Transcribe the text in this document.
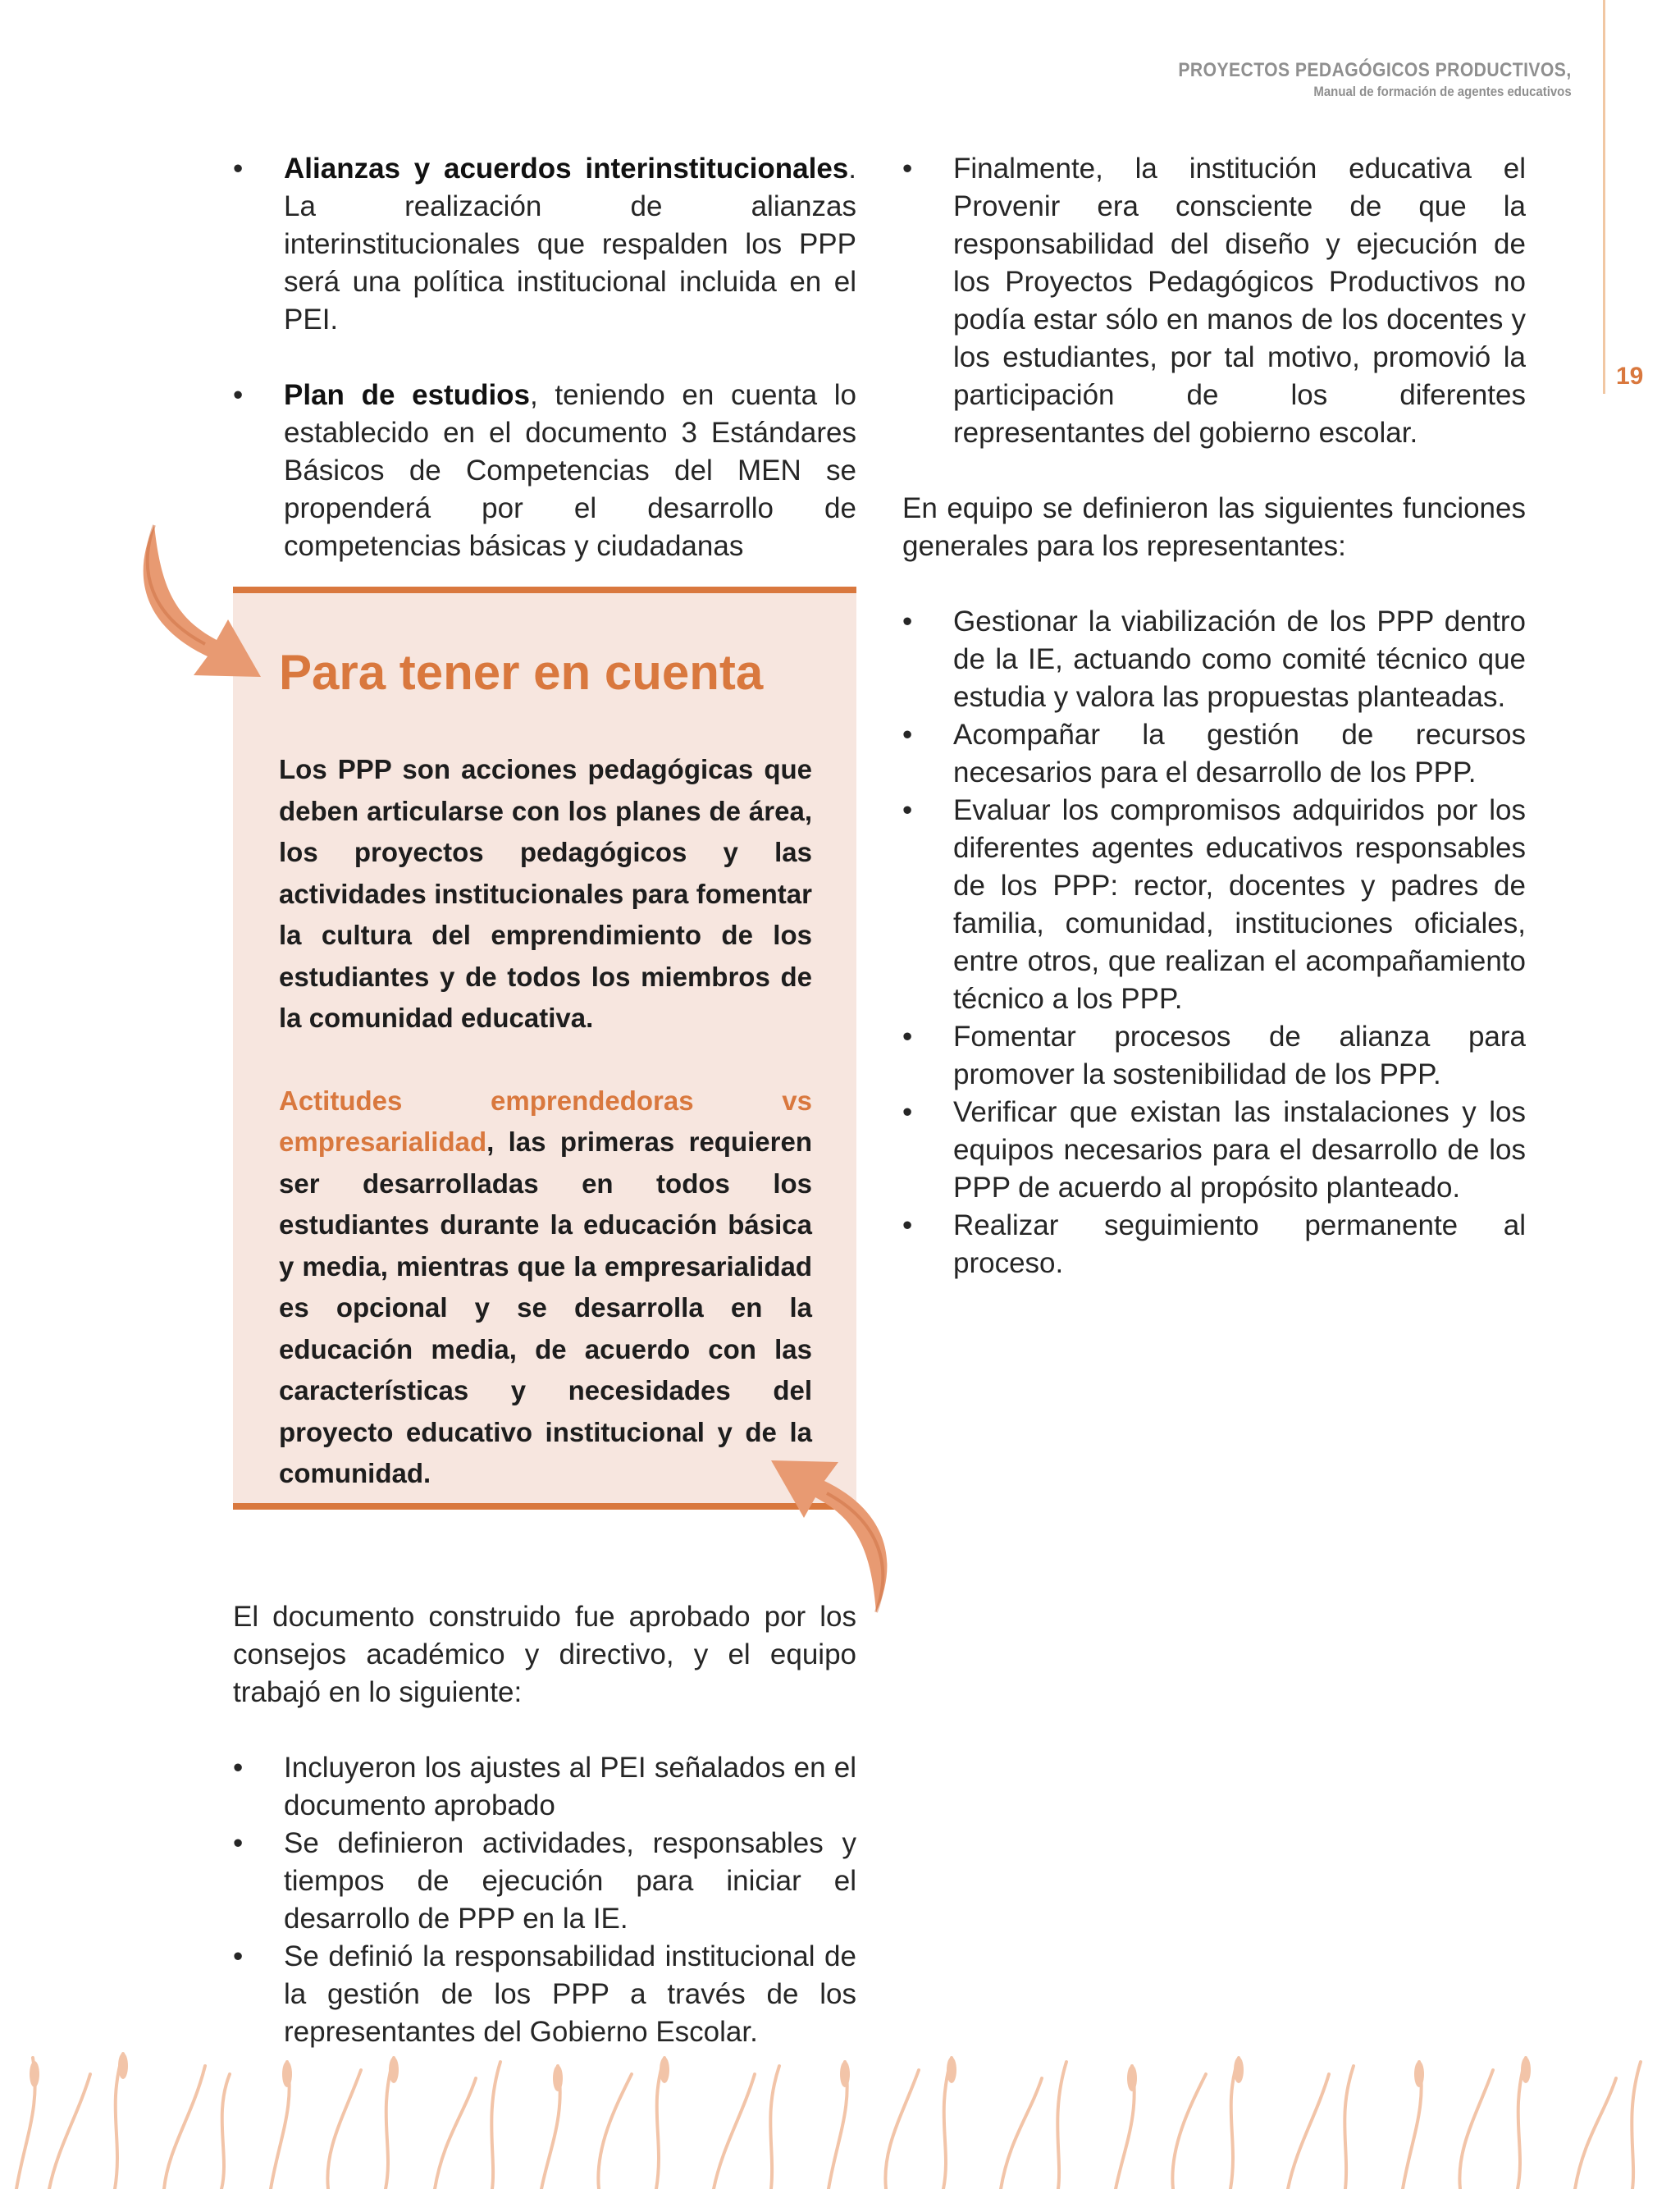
PROYECTOS PEDAGÓGICOS PRODUCTIVOS,
Manual de formación de agentes educativos
19
•	Alianzas y acuerdos interinstitucionales. La realización de alianzas interinstitucionales que respalden los PPP será una política institucional incluida en el PEI.
•	Plan de estudios, teniendo en cuenta lo establecido en el documento 3 Estándares Básicos de Competencias del MEN se propenderá por el desarrollo de competencias básicas y ciudadanas
Para tener en cuenta

Los PPP son acciones pedagógicas que deben articularse con los planes de área, los proyectos pedagógicos y las actividades institucionales para fomentar la cultura del emprendimiento de los estudiantes y de todos los miembros de la comunidad educativa.

Actitudes emprendedoras vs empresarialidad, las primeras requieren ser desarrolladas en todos los estudiantes durante la educación básica y media, mientras que la empresarialidad es opcional y se desarrolla en la educación media, de acuerdo con las características y necesidades del proyecto educativo institucional y de la comunidad.

El documento construido fue aprobado por los consejos académico y directivo, y el equipo trabajó en lo siguiente:

•	Incluyeron los ajustes al PEI señalados en el documento aprobado
•	Se definieron actividades, responsables y tiempos de ejecución para iniciar el desarrollo de PPP en la IE.
•	Se definió la responsabilidad institucional de la gestión de los PPP a través de los representantes del Gobierno Escolar.
•	Finalmente, la institución educativa el Provenir era consciente de que la responsabilidad del diseño y ejecución de los Proyectos Pedagógicos Productivos no podía estar sólo en manos de los docentes y los estudiantes, por tal motivo, promovió la participación de los diferentes representantes del gobierno escolar.

En equipo se definieron las siguientes funciones generales para los representantes:

•	Gestionar la viabilización de los PPP dentro de la IE, actuando como comité técnico que estudia y valora las propuestas planteadas.
•	Acompañar la gestión de recursos necesarios para el desarrollo de los PPP.
•	Evaluar los compromisos adquiridos por los diferentes agentes educativos responsables de los PPP: rector, docentes y padres de familia, comunidad, instituciones oficiales, entre otros, que realizan el acompañamiento técnico a los PPP.
•	Fomentar procesos de alianza para promover la sostenibilidad de los PPP.
•	Verificar que existan las instalaciones y los equipos necesarios para el desarrollo de los PPP de acuerdo al propósito planteado.
•	Realizar seguimiento permanente al proceso.
